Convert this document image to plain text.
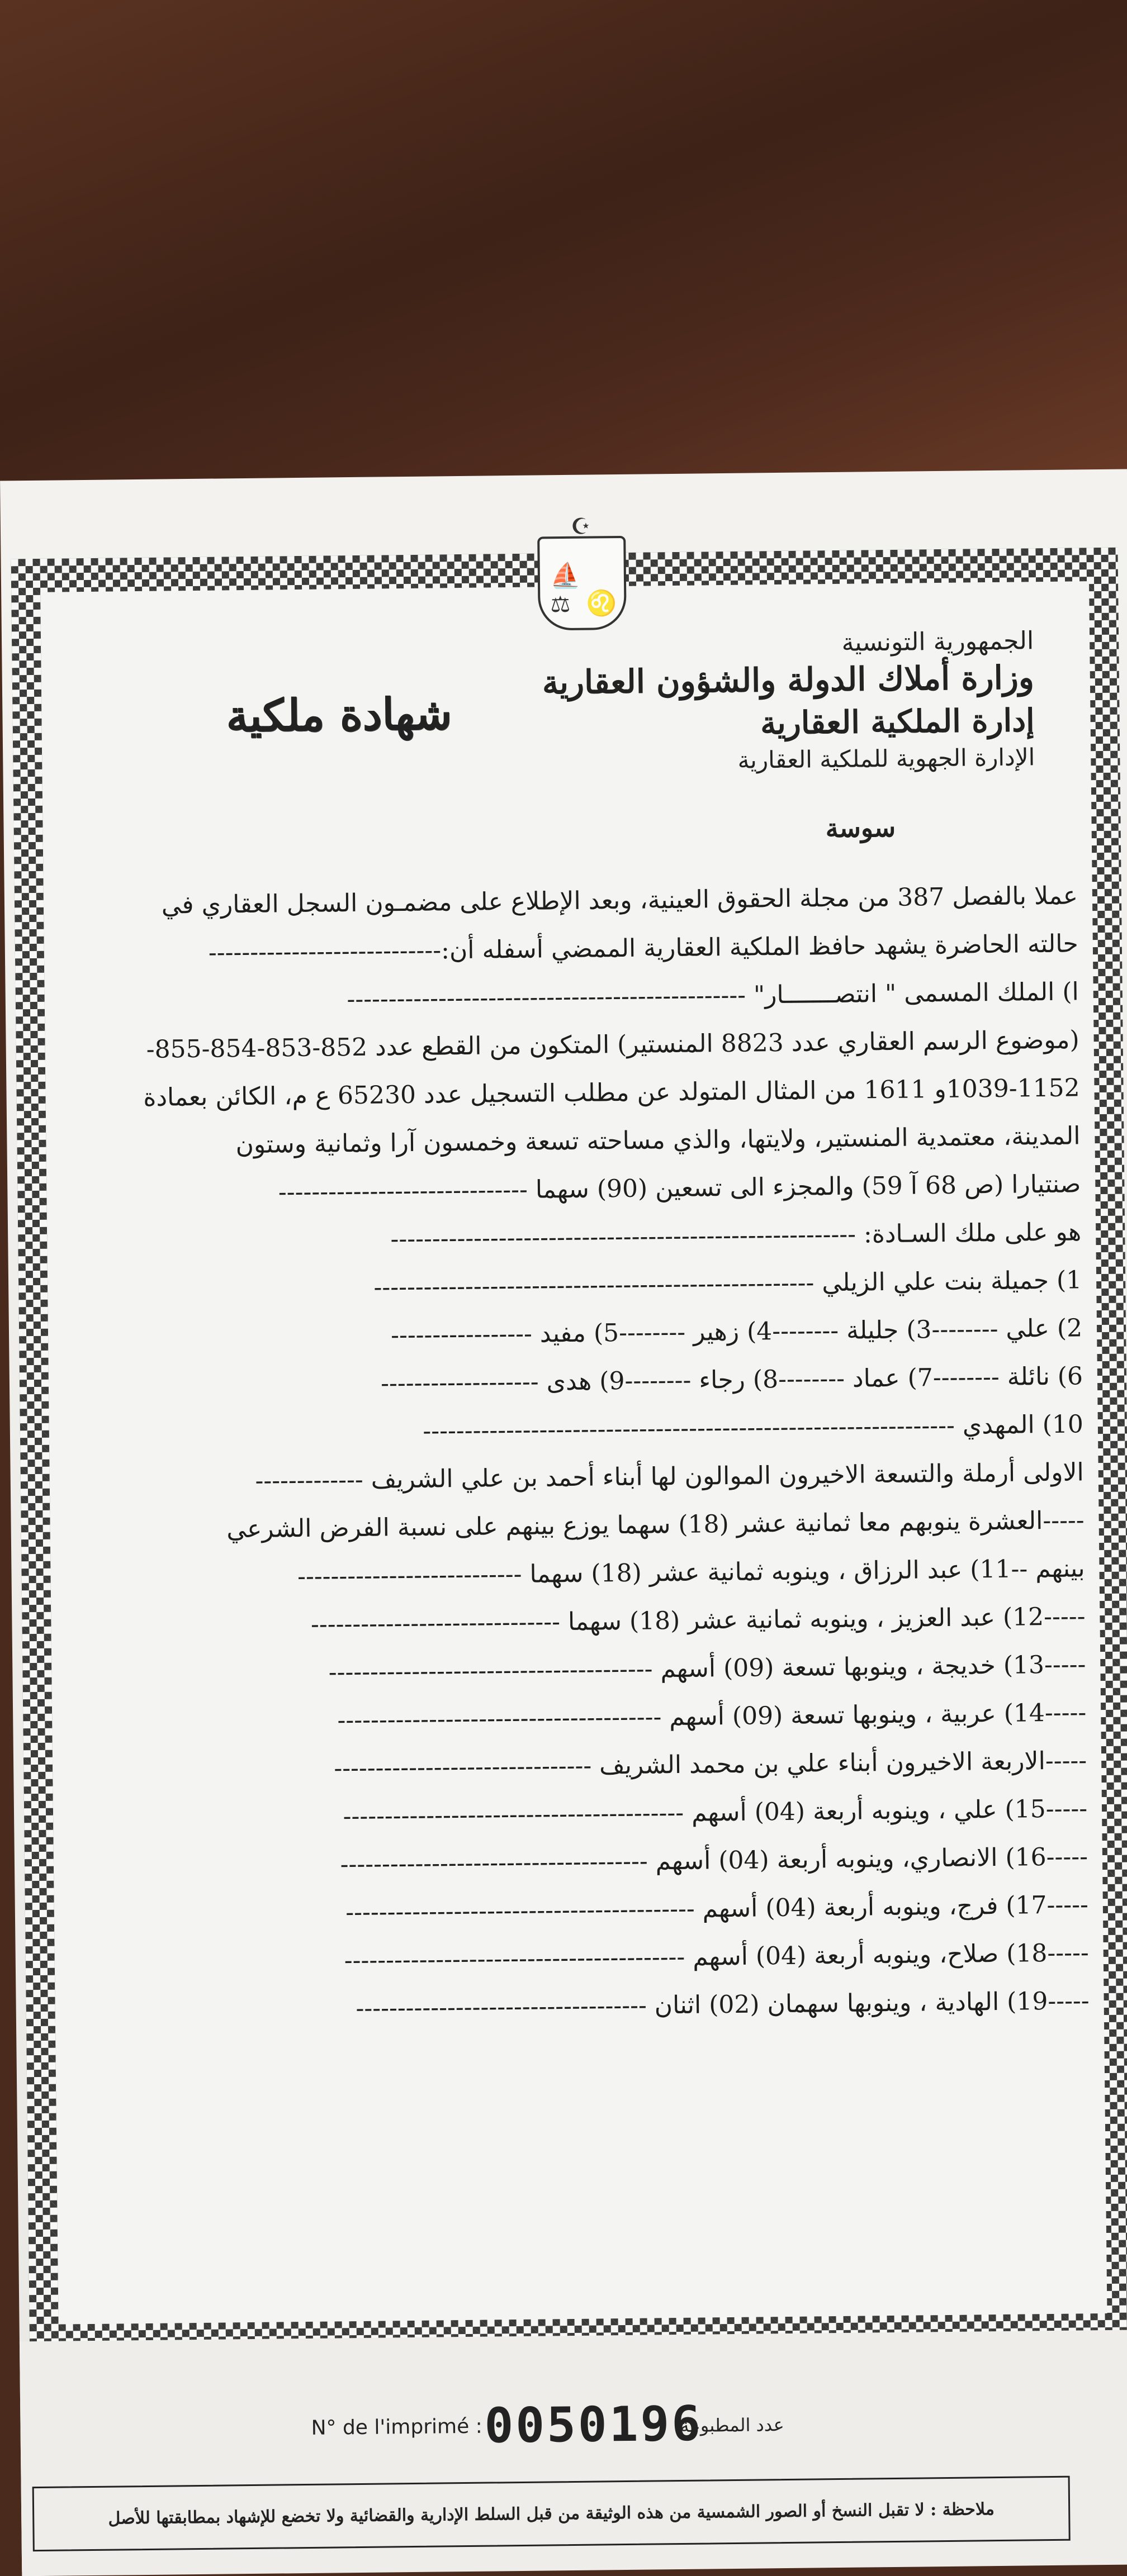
☪
⛵
⚖ ♌
الجمهورية التونسية
وزارة أملاك الدولة والشؤون العقارية
إدارة الملكية العقارية
الإدارة الجهوية للملكية العقارية
شهادة ملكية
سوسة
عملا بالفصل 387 من مجلة الحقوق العينية، وبعد الإطلاع على مضمـون السجل العقاري في
حالته الحاضرة يشهد حافظ الملكية العقارية الممضي أسفله أن:----------------------------
ا) الملك المسمى " انتصـــــــار" ------------------------------------------------
(موضوع الرسم العقاري عدد 8823 المنستير) المتكون من القطع عدد 852-853-854-855-
1039-1152و 1611 من المثال المتولد عن مطلب التسجيل عدد 65230 ع م، الكائن بعمادة
المدينة، معتمدية المنستير، ولايتها، والذي مساحته تسعة وخمسون آرا وثمانية وستون
صنتيارا (ص 68 آ 59) والمجزء الى تسعين (90) سهما ------------------------------
هو على ملك السـادة: --------------------------------------------------------
1) جميلة بنت علي الزيلي -----------------------------------------------------
2) علي --------3) جليلة --------4) زهير --------5) مفيد -----------------
6) نائلة --------7) عماد --------8) رجاء --------9) هدى -------------------
10) المهدي ----------------------------------------------------------------
الاولى أرملة والتسعة الاخيرون الموالون لها أبناء أحمد بن علي الشريف -------------
-----العشرة ينوبهم معا ثمانية عشر (18) سهما يوزع بينهم على نسبة الفرض الشرعي
بينهم --11) عبد الرزاق ، وينوبه ثمانية عشر (18) سهما ---------------------------
-----12) عبد العزيز ، وينوبه ثمانية عشر (18) سهما ------------------------------
-----13) خديجة ، وينوبها تسعة (09) أسهم ---------------------------------------
-----14) عربية ، وينوبها تسعة (09) أسهم ---------------------------------------
-----الاربعة الاخيرون أبناء علي بن محمد الشريف -------------------------------
-----15) علي ، وينوبه أربعة (04) أسهم -----------------------------------------
-----16) الانصاري، وينوبه أربعة (04) أسهم -------------------------------------
-----17) فرج، وينوبه أربعة (04) أسهم ------------------------------------------
-----18) صلاح، وينوبه أربعة (04) أسهم -----------------------------------------
-----19) الهادية ، وينوبها سهمان (02) اثنان -----------------------------------
N° de l'imprimé : 0050196
عدد المطبوعة
ملاحظة : لا تقبل النسخ أو الصور الشمسية من هذه الوثيقة من قبل السلط الإدارية والقضائية ولا تخضع للإشهاد بمطابقتها للأصل
